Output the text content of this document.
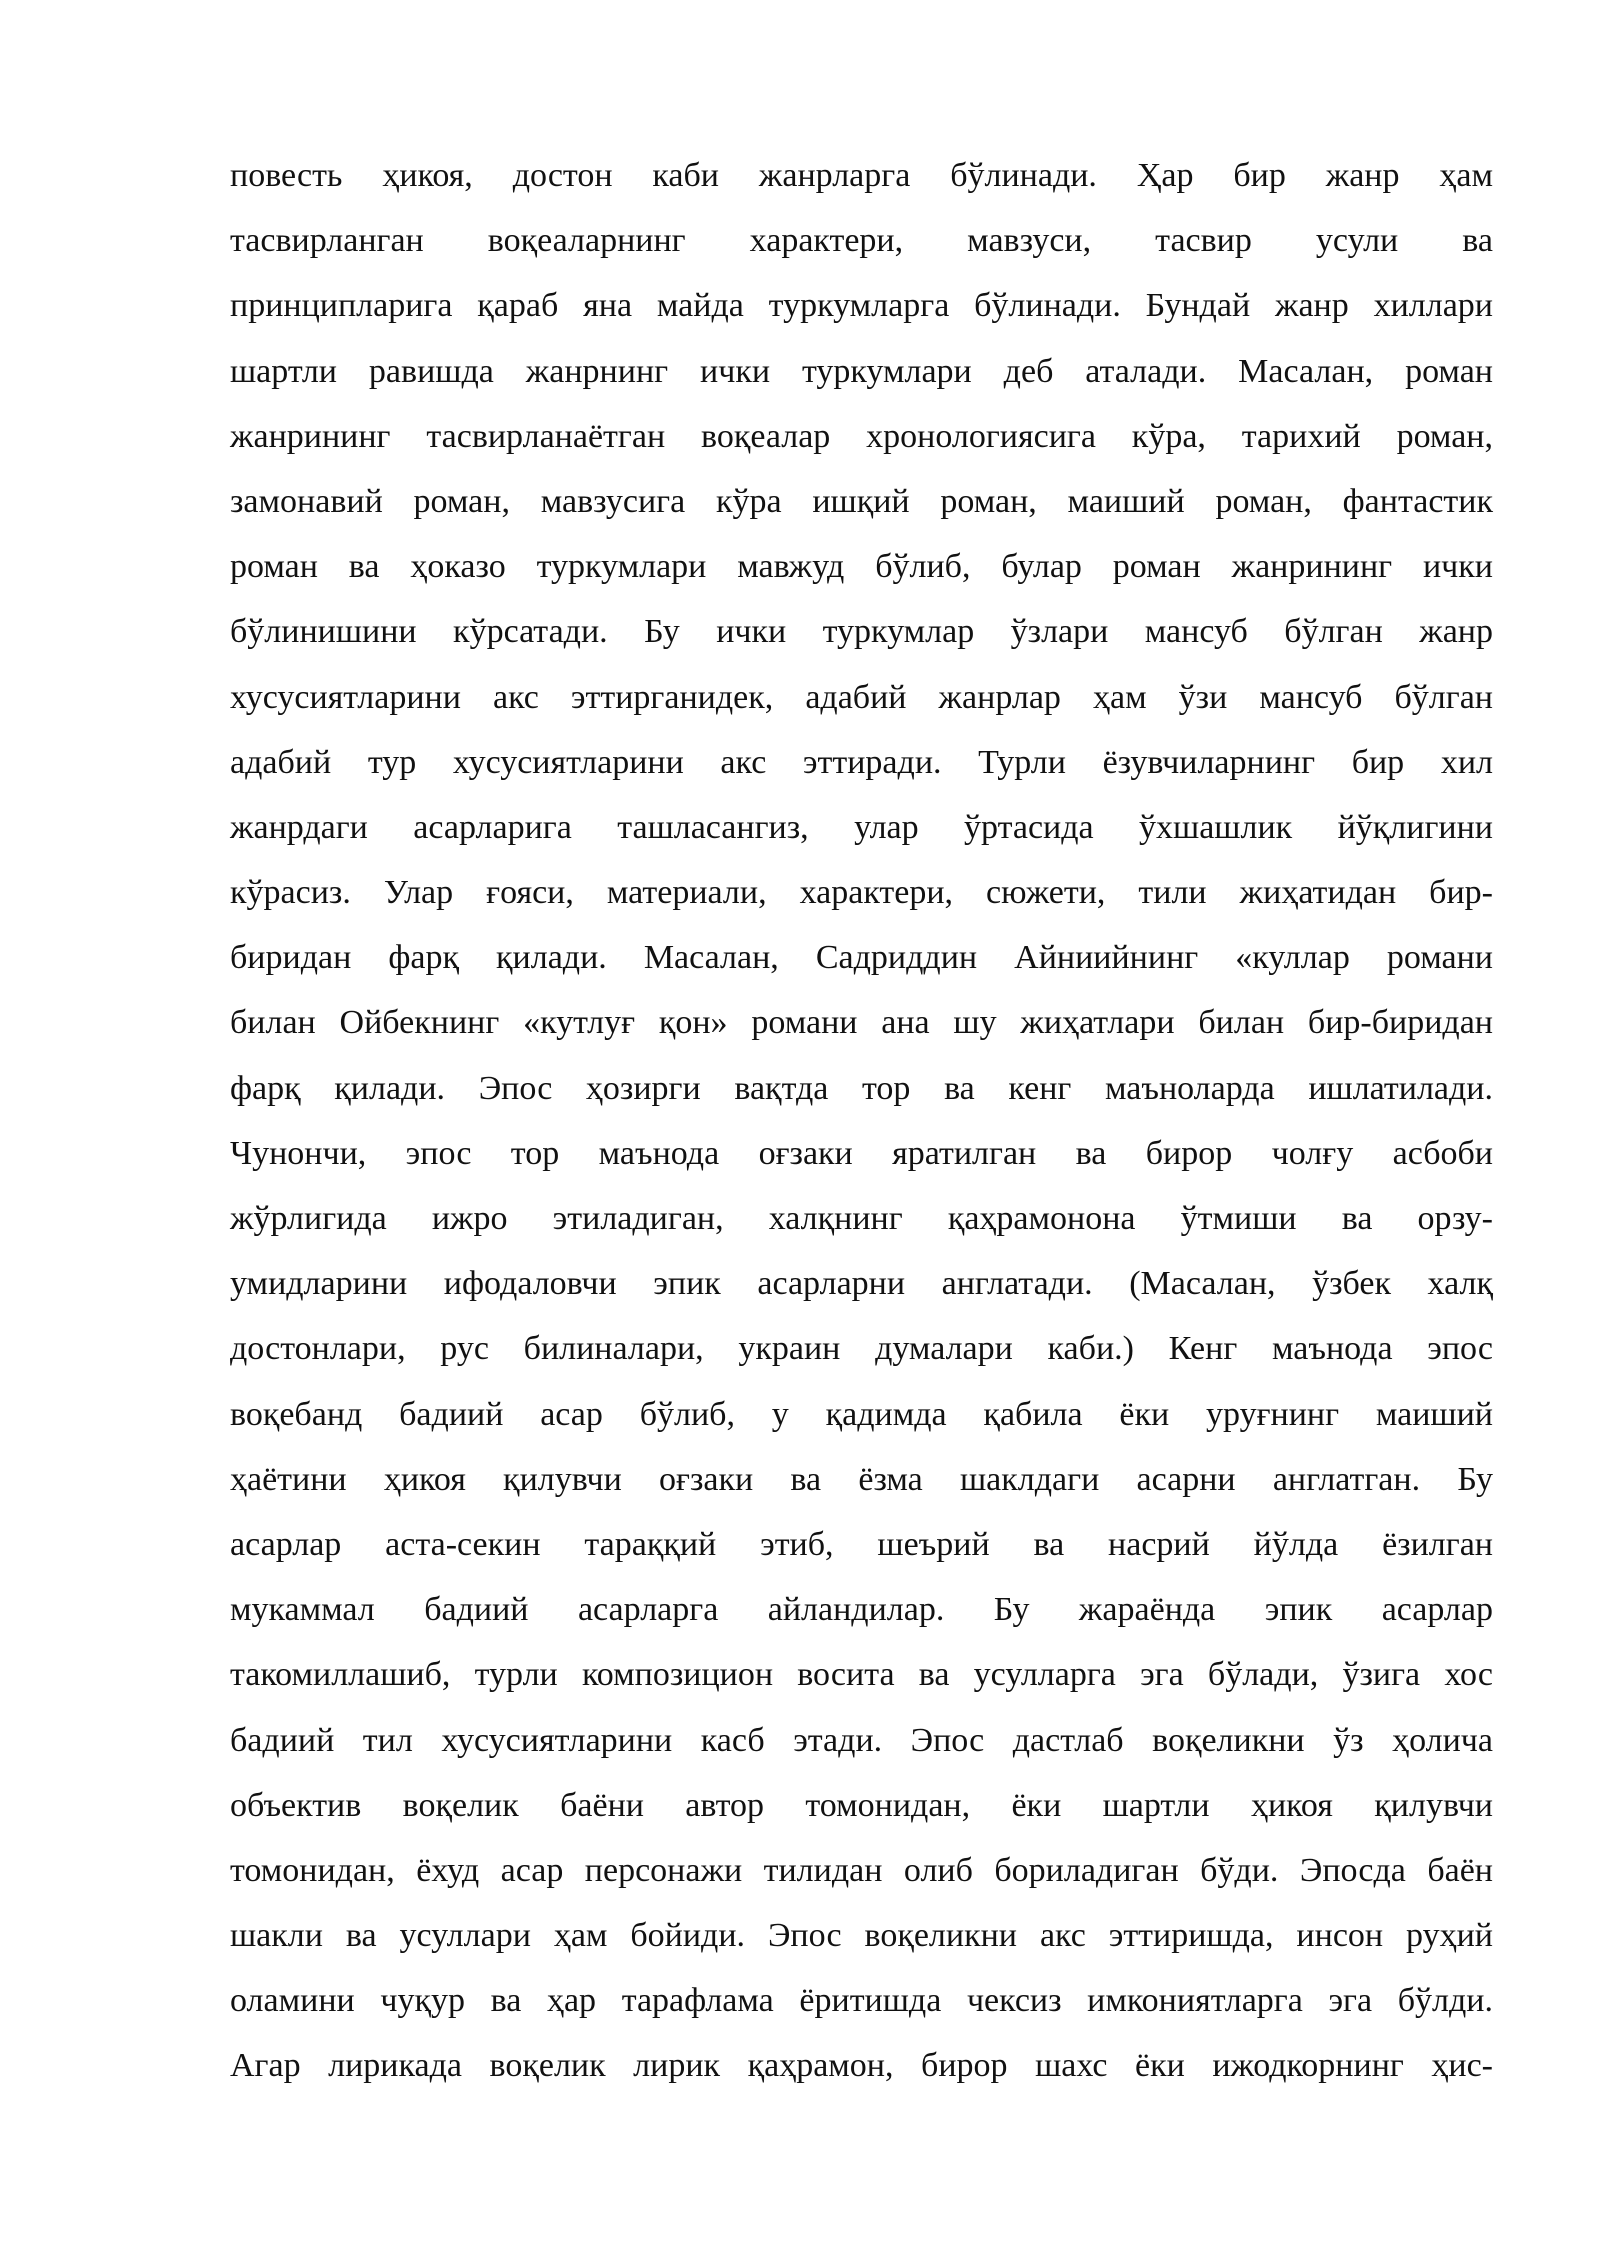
повесть ҳикоя, достон каби жанрларга бўлинади. Ҳар бир жанр ҳам
тасвирланган воқеаларнинг характери, мавзуси, тасвир усули ва
принципларига қараб яна майда туркумларга бўлинади. Бундай жанр хиллари
шартли равишда жанрнинг ички туркумлари деб аталади. Масалан, роман
жанрининг тасвирланаётган воқеалар хронологиясига кўра, тарихий роман,
замонавий роман, мавзусига кўра ишқий роман, маиший роман, фантастик
роман ва ҳоказо туркумлари мавжуд бўлиб, булар роман жанрининг ички
бўлинишини кўрсатади. Бу ички туркумлар ўзлари мансуб бўлган жанр
хусусиятларини акс эттирганидек, адабий жанрлар ҳам ўзи мансуб бўлган
адабий тур хусусиятларини акс эттиради. Турли ёзувчиларнинг бир хил
жанрдаги асарларига ташласангиз, улар ўртасида ўхшашлик йўқлигини
кўрасиз. Улар ғояси, материали, характери, сюжети, тили жиҳатидан бир-
биридан фарқ қилади. Масалан, Садриддин Айниийнинг «куллар романи
билан Ойбекнинг «кутлуғ қон» романи ана шу жиҳатлари билан бир-биридан
фарқ қилади. Эпос ҳозирги вақтда тор ва кенг маъноларда ишлатилади.
Чунончи, эпос тор маънода оғзаки яратилган ва бирор чолғу асбоби
жўрлигида ижро этиладиган, халқнинг қаҳрамонона ўтмиши ва орзу-
умидларини ифодаловчи эпик асарларни англатади. (Масалан, ўзбек халқ
достонлари, рус билиналари, украин думалари каби.) Кенг маънода эпос
воқебанд бадиий асар бўлиб, у қадимда қабила ёки уруғнинг маиший
ҳаётини ҳикоя қилувчи оғзаки ва ёзма шаклдаги асарни англатган. Бу
асарлар аста-секин тараққий этиб, шеърий ва насрий йўлда ёзилган
мукаммал бадиий асарларга айландилар. Бу жараёнда эпик асарлар
такомиллашиб, турли композицион восита ва усулларга эга бўлади, ўзига хос
бадиий тил хусусиятларини касб этади. Эпос дастлаб воқеликни ўз ҳолича
объектив воқелик баёни автор томонидан, ёки шартли ҳикоя қилувчи
томонидан, ёхуд асар персонажи тилидан олиб бориладиган бўди. Эпосда баён
шакли ва усуллари ҳам бойиди. Эпос воқеликни акс эттиришда, инсон руҳий
оламини чуқур ва ҳар тарафлама ёритишда чексиз имкониятларга эга бўлди.
Агар лирикада воқелик лирик қаҳрамон, бирор шахс ёки ижодкорнинг ҳис-
